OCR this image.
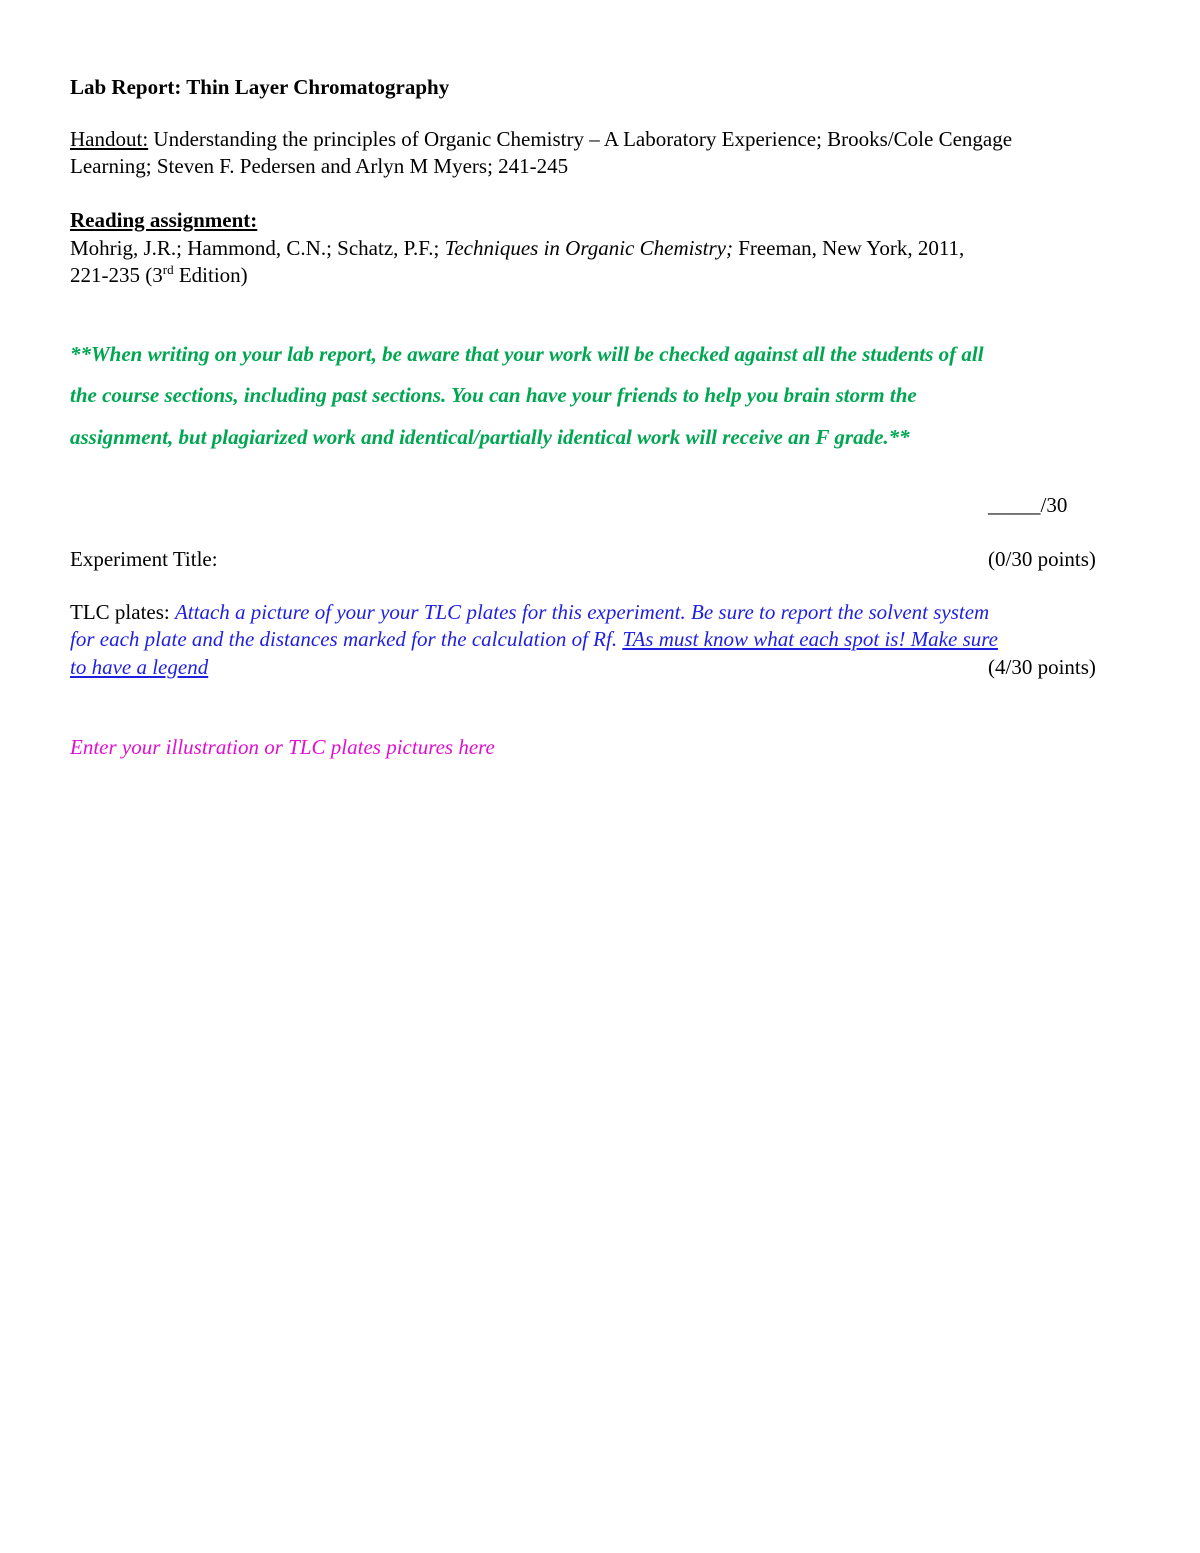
Lab Report: Thin Layer Chromatography
Handout: Understanding the principles of Organic Chemistry – A Laboratory Experience; Brooks/Cole Cengage
Learning; Steven F. Pedersen and Arlyn M Myers; 241-245
Reading assignment:
Mohrig, J.R.; Hammond, C.N.; Schatz, P.F.; Techniques in Organic Chemistry; Freeman, New York, 2011,
221-235 (3rd Edition)
**When writing on your lab report, be aware that your work will be checked against all the students of all
the course sections, including past sections. You can have your friends to help you brain storm the
assignment, but plagiarized work and identical/partially identical work will receive an F grade.**
_____/30
Experiment Title:	(0/30 points)
TLC plates: Attach a picture of your your TLC plates for this experiment. Be sure to report the solvent system
for each plate and the distances marked for the calculation of Rf. TAs must know what each spot is! Make sure
to have a legend	(4/30 points)
Enter your illustration or TLC plates pictures here
